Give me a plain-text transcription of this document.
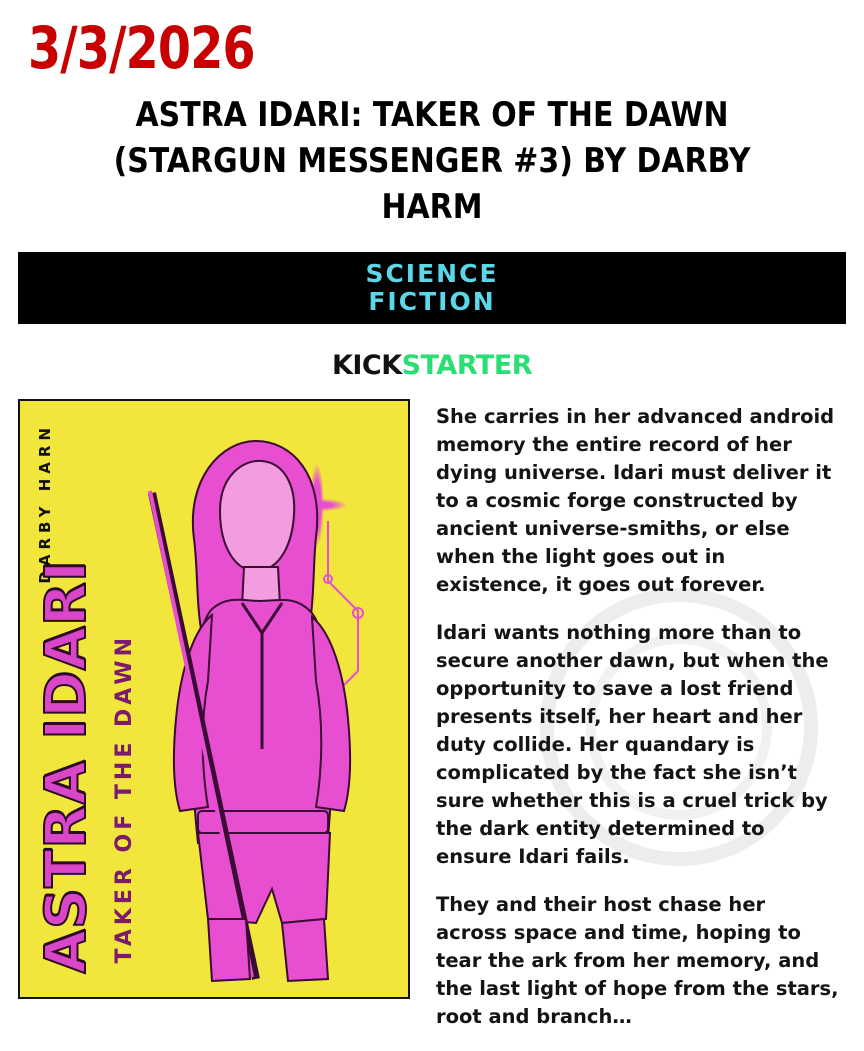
3/3/2026
ASTRA IDARI: TAKER OF THE DAWN (STARGUN MESSENGER #3) BY DARBY HARM
SCIENCE FICTION
KICKSTARTER
DARBY HARN
TAKER OF THE DAWN
ASTRA IDARI

She carries in her advanced android memory the entire record of her dying universe. Idari must deliver it to a cosmic forge constructed by ancient universe-smiths, or else when the light goes out in existence, it goes out forever.

Idari wants nothing more than to secure another dawn, but when the opportunity to save a lost friend presents itself, her heart and her duty collide. Her quandary is complicated by the fact she isn’t sure whether this is a cruel trick by the dark entity determined to ensure Idari fails.

They and their host chase her across space and time, hoping to tear the ark from her memory, and the last light of hope from the stars, root and branch…
